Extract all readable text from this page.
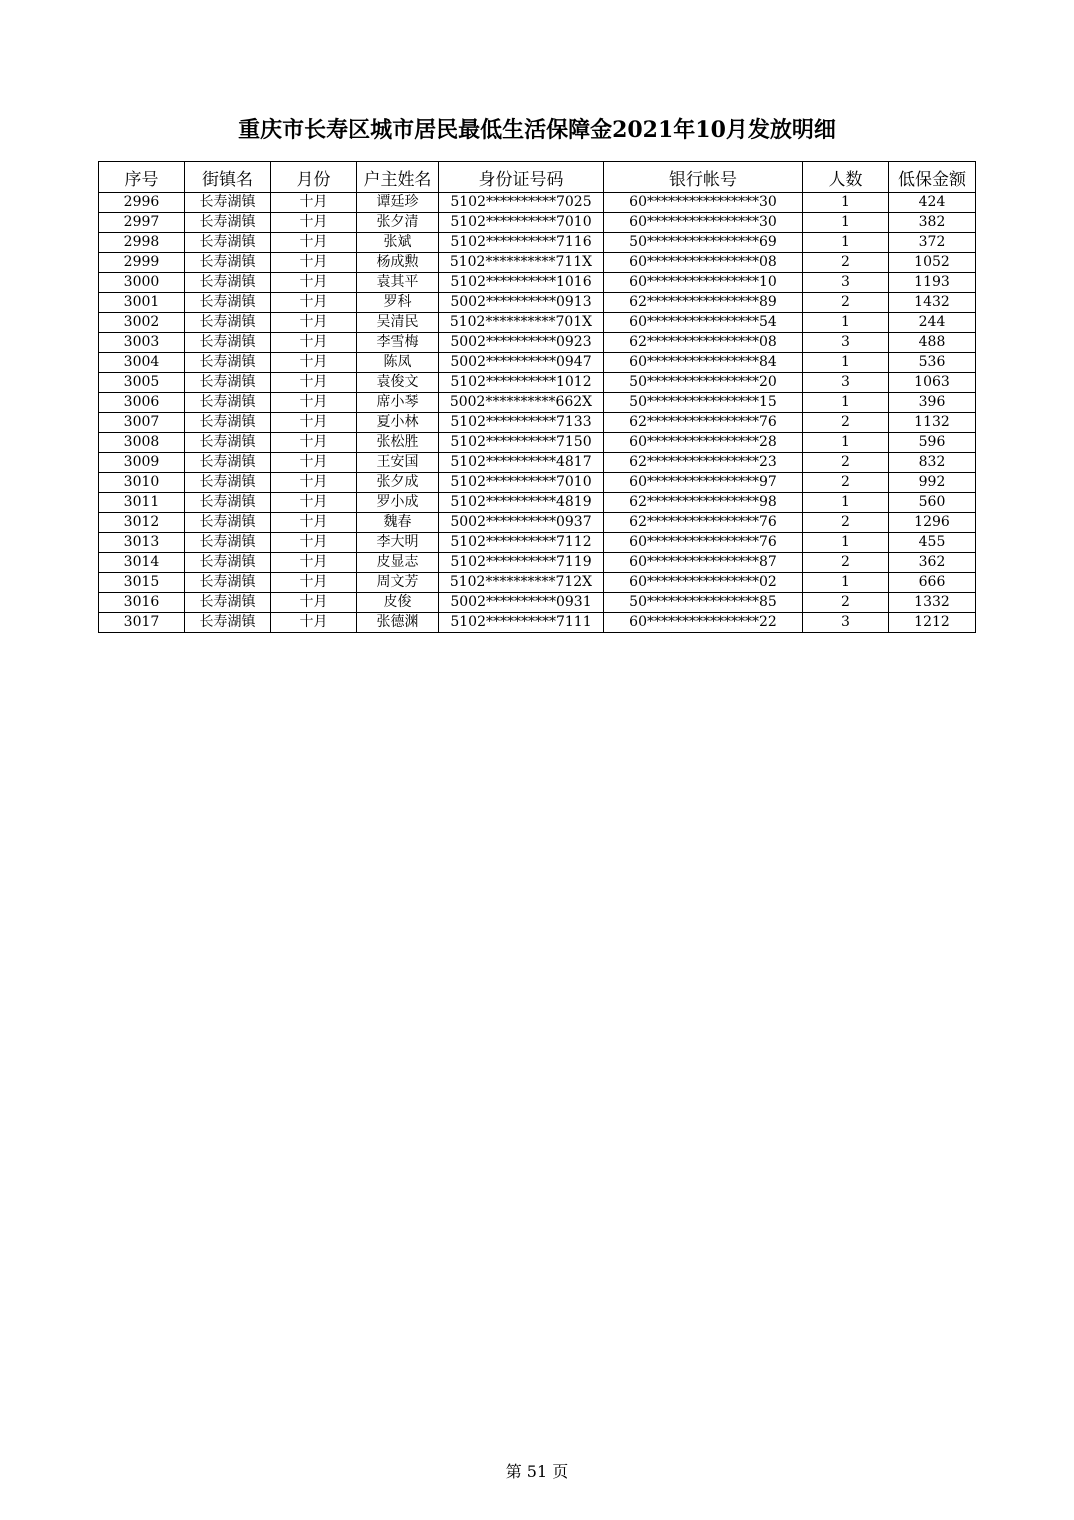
重庆市长寿区城市居民最低生活保障金2021年10月发放明细
序号	街镇名	月份	户主姓名	身份证号码	银行帐号	人数	低保金额
2996	长寿湖镇	十月	谭廷珍	5102**********7025	60****************30	1	424
2997	长寿湖镇	十月	张夕清	5102**********7010	60****************30	1	382
2998	长寿湖镇	十月	张斌	5102**********7116	50****************69	1	372
2999	长寿湖镇	十月	杨成勲	5102**********711X	60****************08	2	1052
3000	长寿湖镇	十月	袁其平	5102**********1016	60****************10	3	1193
3001	长寿湖镇	十月	罗科	5002**********0913	62****************89	2	1432
3002	长寿湖镇	十月	吴清民	5102**********701X	60****************54	1	244
3003	长寿湖镇	十月	李雪梅	5002**********0923	62****************08	3	488
3004	长寿湖镇	十月	陈凤	5002**********0947	60****************84	1	536
3005	长寿湖镇	十月	袁俊文	5102**********1012	50****************20	3	1063
3006	长寿湖镇	十月	席小琴	5002**********662X	50****************15	1	396
3007	长寿湖镇	十月	夏小林	5102**********7133	62****************76	2	1132
3008	长寿湖镇	十月	张松胜	5102**********7150	60****************28	1	596
3009	长寿湖镇	十月	王安国	5102**********4817	62****************23	2	832
3010	长寿湖镇	十月	张夕成	5102**********7010	60****************97	2	992
3011	长寿湖镇	十月	罗小成	5102**********4819	62****************98	1	560
3012	长寿湖镇	十月	魏春	5002**********0937	62****************76	2	1296
3013	长寿湖镇	十月	李大明	5102**********7112	60****************76	1	455
3014	长寿湖镇	十月	皮显志	5102**********7119	60****************87	2	362
3015	长寿湖镇	十月	周文芳	5102**********712X	60****************02	1	666
3016	长寿湖镇	十月	皮俊	5002**********0931	50****************85	2	1332
3017	长寿湖镇	十月	张德渊	5102**********7111	60****************22	3	1212
第 51 页
